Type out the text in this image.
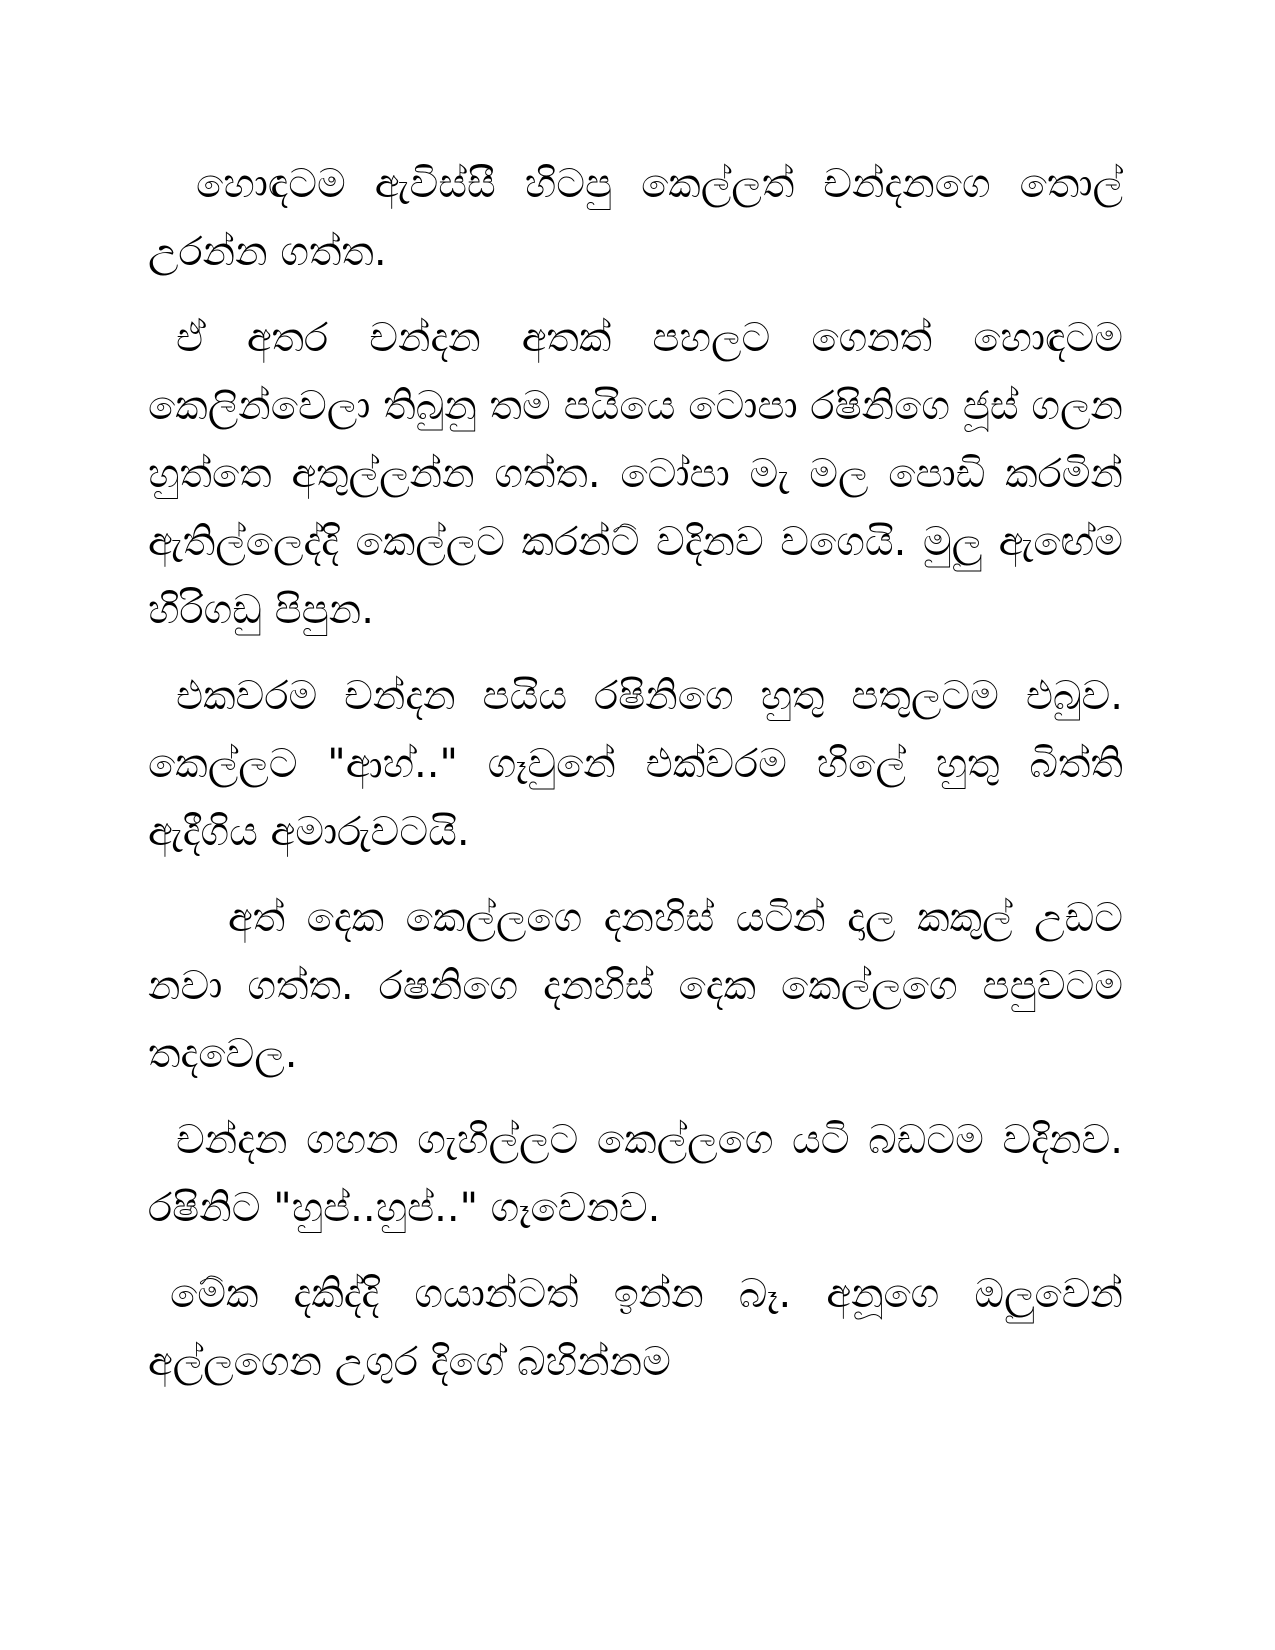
හොඳටම ඇවිස්සී හිටපු කෙල්ලත් චන්දනගෙ තොල් උරන්න ගත්ත.

ඒ අතර චන්දන අතක් පහලට ගෙනත් හොඳටම කෙලින්වෙලා තිබුනු තම පයියෙ ටොපා රෂිනිගෙ ජූස් ගලන හුත්තෙ අතුල්ලන්න ගත්ත. ටෝපා මැ මල පොඩි කරමින් ඇතිල්ලෙද්දි කෙල්ලට කරන්ට් වදිනව වගෙයි. මුලු ඇඟේම හිරිගඩු පිපුන.

එකවරම චන්දන පයිය රෂිනිගෙ හුතු පතුලටම එබුව. කෙල්ලට "ආහ්.." ගෑවුනේ එක්වරම හිලේ හුතු බිත්ති ඇදීගිය අමාරුවටයි.

අත් දෙක කෙල්ලගෙ දනහිස් යටින් දාල කකුල් උඩට නවා ගත්ත. රෂනිගෙ දනහිස් දෙක කෙල්ලගෙ පපුවටම තදවෙල.

චන්දන ගහන ගැහිල්ලට කෙල්ලගෙ යටි බඩටම වදිනව. රෂිනිට "හුප්..හුප්.." ගෑවෙනව.

මේක දකිද්දි ගයාන්ටත් ඉන්න බෑ. අනූගෙ ඔලුවෙන් අල්ලගෙන උගුර දිගේ බහින්නම
